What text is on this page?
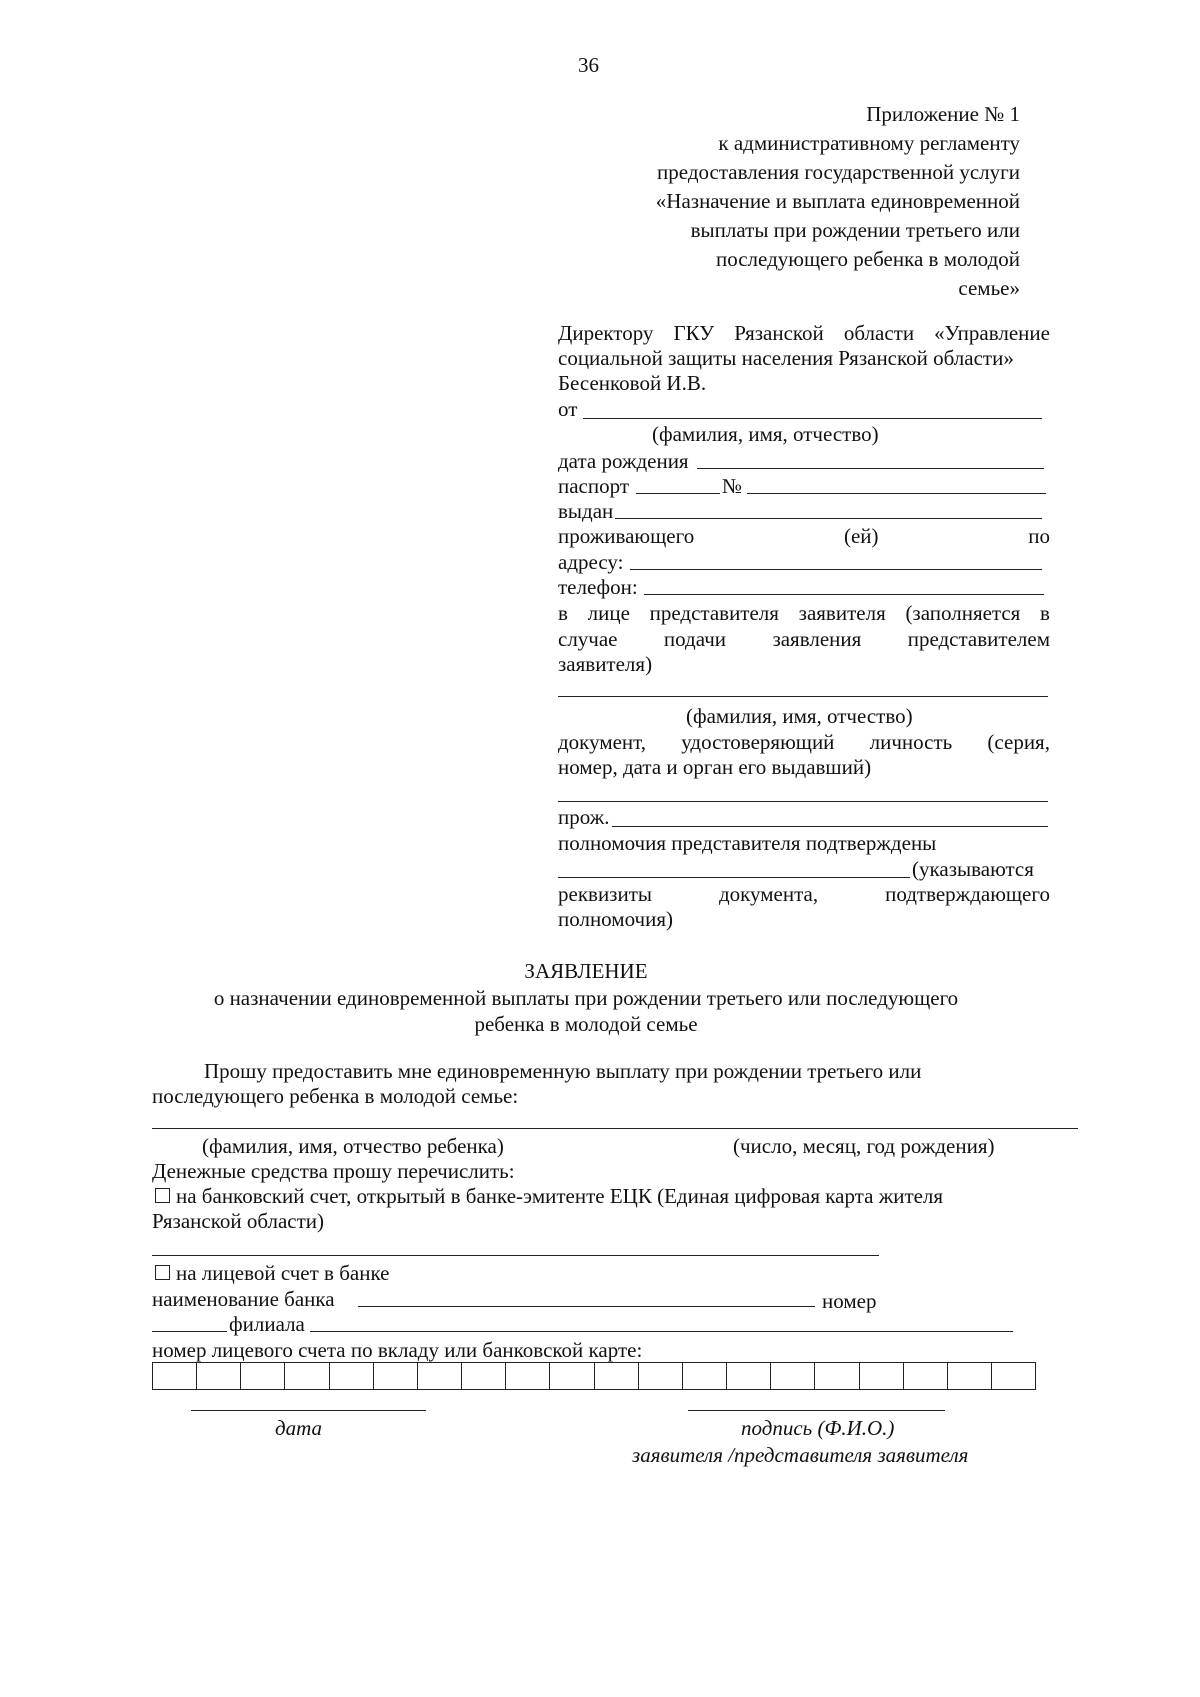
36
Приложение № 1
к административному регламенту
предоставления государственной услуги
«Назначение и выплата единовременной
выплаты при рождении третьего или
последующего ребенка в молодой
семье»
Директору ГКУ Рязанской области «Управление
социальной защиты населения Рязанской области»
Бесенковой И.В.
от
(фамилия, имя, отчество)
дата рождения
паспорт	№
выдан
проживающего	(ей)	по
адресу:
телефон:
в лице представителя заявителя (заполняется в
случае подачи заявления представителем
заявителя)
(фамилия, имя, отчество)
документ, удостоверяющий личность (серия,
номер, дата и орган его выдавший)
прож.
полномочия представителя подтверждены
(указываются
реквизиты	документа,	подтверждающего
полномочия)
ЗАЯВЛЕНИЕ
о назначении единовременной выплаты при рождении третьего или последующего
ребенка в молодой семье
Прошу предоставить мне единовременную выплату при рождении третьего или
последующего ребенка в молодой семье:
(фамилия, имя, отчество ребенка)	(число, месяц, год рождения)
Денежные средства прошу перечислить:
на банковский счет, открытый в банке-эмитенте ЕЦК (Единая цифровая карта жителя
Рязанской области)
на лицевой счет в банке
наименование банка	номер
филиала
номер лицевого счета по вкладу или банковской карте:
дата	подпись (Ф.И.О.)
заявителя /представителя заявителя
